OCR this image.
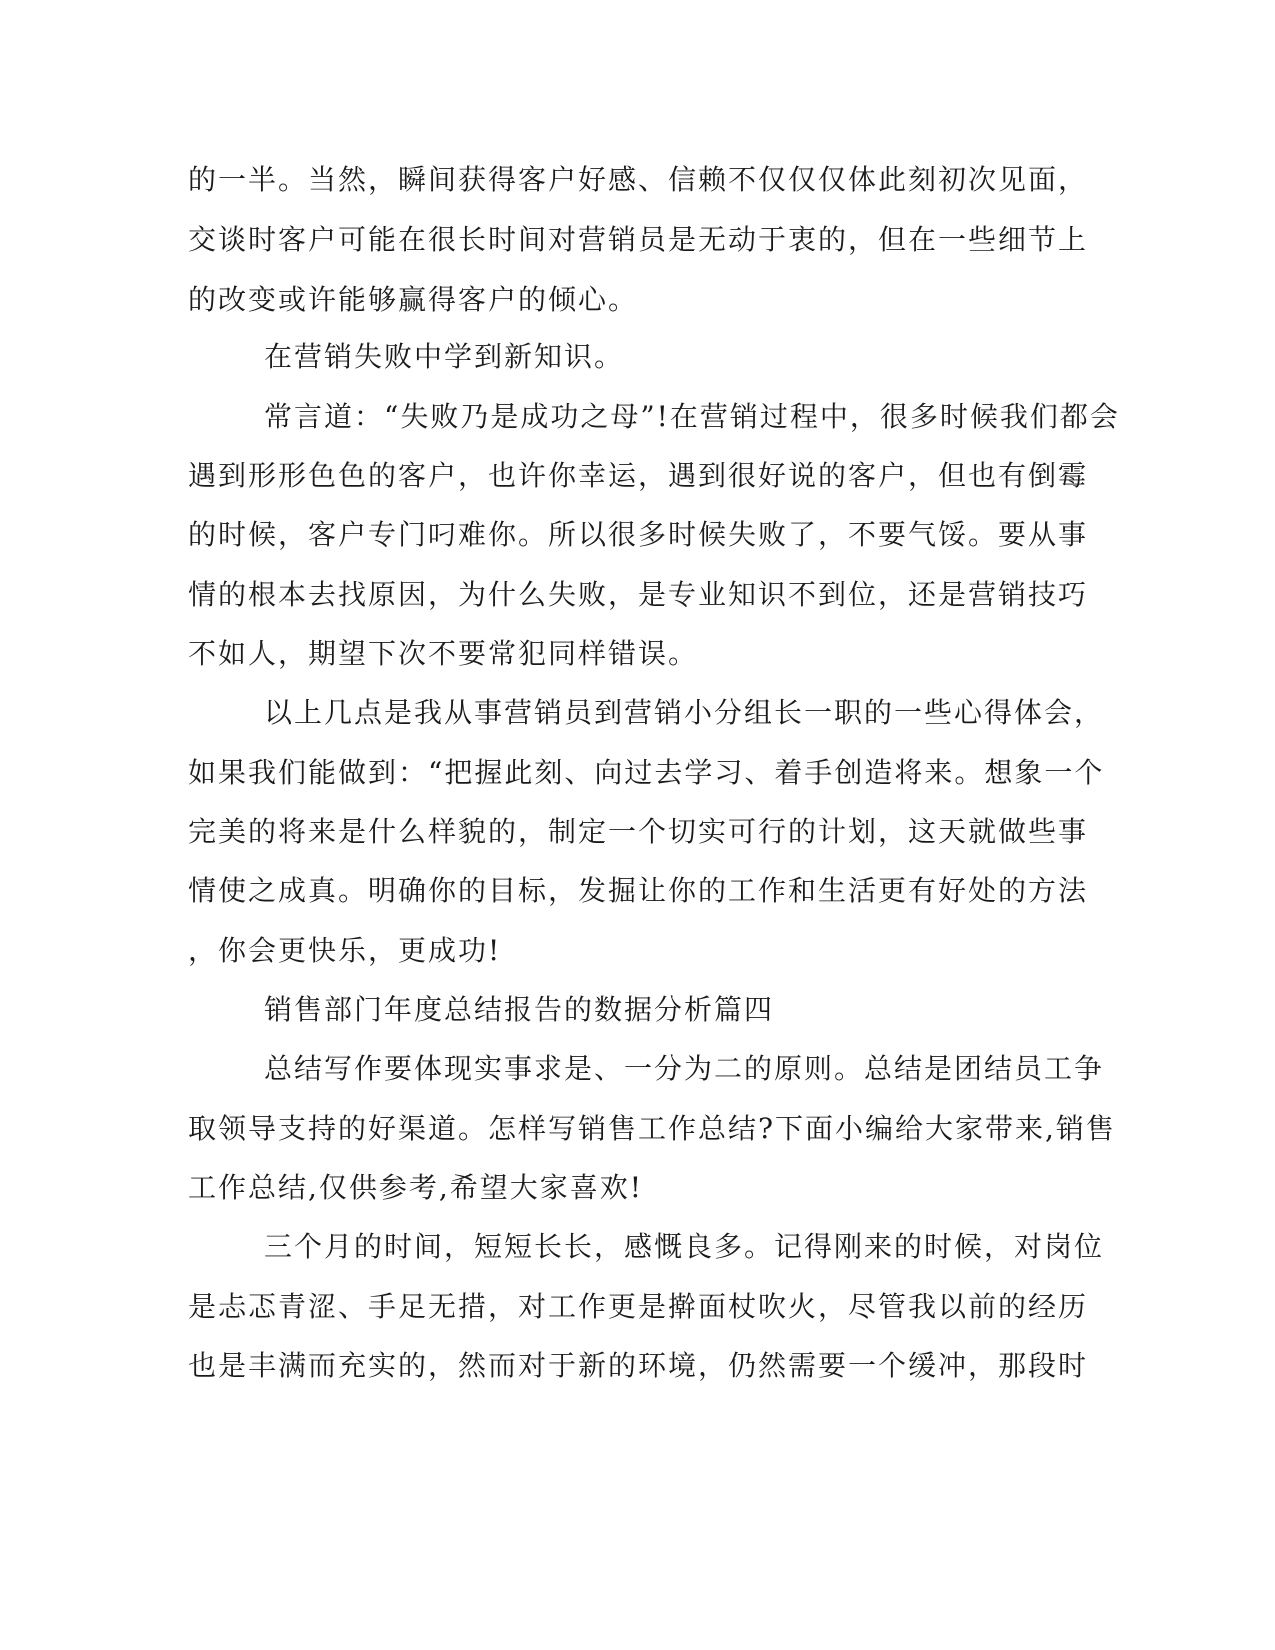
的一半。当然，瞬间获得客户好感、信赖不仅仅仅体此刻初次见面，
交谈时客户可能在很长时间对营销员是无动于衷的，但在一些细节上
的改变或许能够赢得客户的倾心。
在营销失败中学到新知识。
常言道：“失败乃是成功之母”!在营销过程中，很多时候我们都会
遇到形形色色的客户，也许你幸运，遇到很好说的客户，但也有倒霉
的时候，客户专门叼难你。所以很多时候失败了，不要气馁。要从事
情的根本去找原因，为什么失败，是专业知识不到位，还是营销技巧
不如人，期望下次不要常犯同样错误。
以上几点是我从事营销员到营销小分组长一职的一些心得体会，
如果我们能做到：“把握此刻、向过去学习、着手创造将来。想象一个
完美的将来是什么样貌的，制定一个切实可行的计划，这天就做些事
情使之成真。明确你的目标，发掘让你的工作和生活更有好处的方法
，你会更快乐，更成功!
销售部门年度总结报告的数据分析篇四
总结写作要体现实事求是、一分为二的原则。总结是团结员工争
取领导支持的好渠道。怎样写销售工作总结?下面小编给大家带来,销售
工作总结,仅供参考,希望大家喜欢!
三个月的时间，短短长长，感慨良多。记得刚来的时候，对岗位
是忐忑青涩、手足无措，对工作更是擀面杖吹火，尽管我以前的经历
也是丰满而充实的，然而对于新的环境，仍然需要一个缓冲，那段时
